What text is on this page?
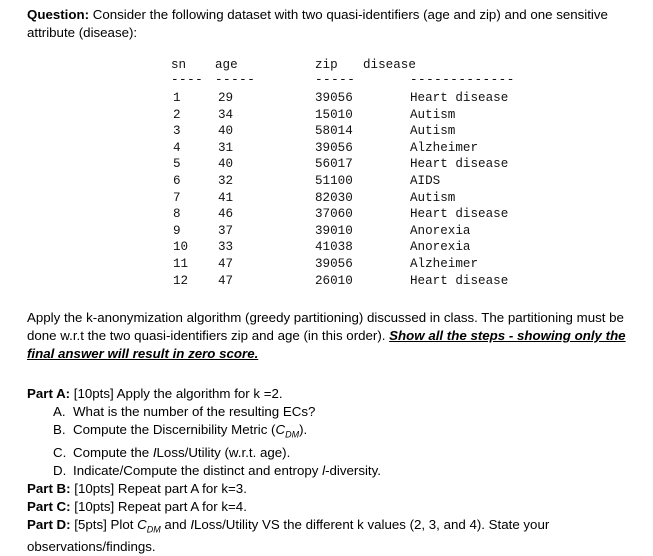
Question: Consider the following dataset with two quasi-identifiers (age and zip) and one sensitive attribute (disease):
sn age	zip disease
---- -----	-----	-------------
1	29	39056	Heart disease
2	34	15010	Autism
3	40	58014	Autism
4	31	39056	Alzheimer
5	40	56017	Heart disease
6	32	51100	AIDS
7	41	82030	Autism
8	46	37060	Heart disease
9	37	39010	Anorexia
10 33	41038	Anorexia
11 47	39056	Alzheimer
12 47	26010	Heart disease
Apply the k-anonymization algorithm (greedy partitioning) discussed in class. The partitioning must be done w.r.t the two quasi-identifiers zip and age (in this order). Show all the steps - showing only the final answer will result in zero score.
Part A: [10pts] Apply the algorithm for k =2.
A. What is the number of the resulting ECs?
B. Compute the Discernibility Metric $(C_{DM})$.
C. Compute the ILoss/Utility (w.r.t. age).
D. Indicate/Compute the distinct and entropy l-diversity.
Part B: [10pts] Repeat part A for k=3.
Part C: [10pts] Repeat part A for k=4.
Part D: [5pts] Plot $C_{DM}$ and ILoss/Utility VS the different k values (2, 3, and 4). State your observations/findings.
